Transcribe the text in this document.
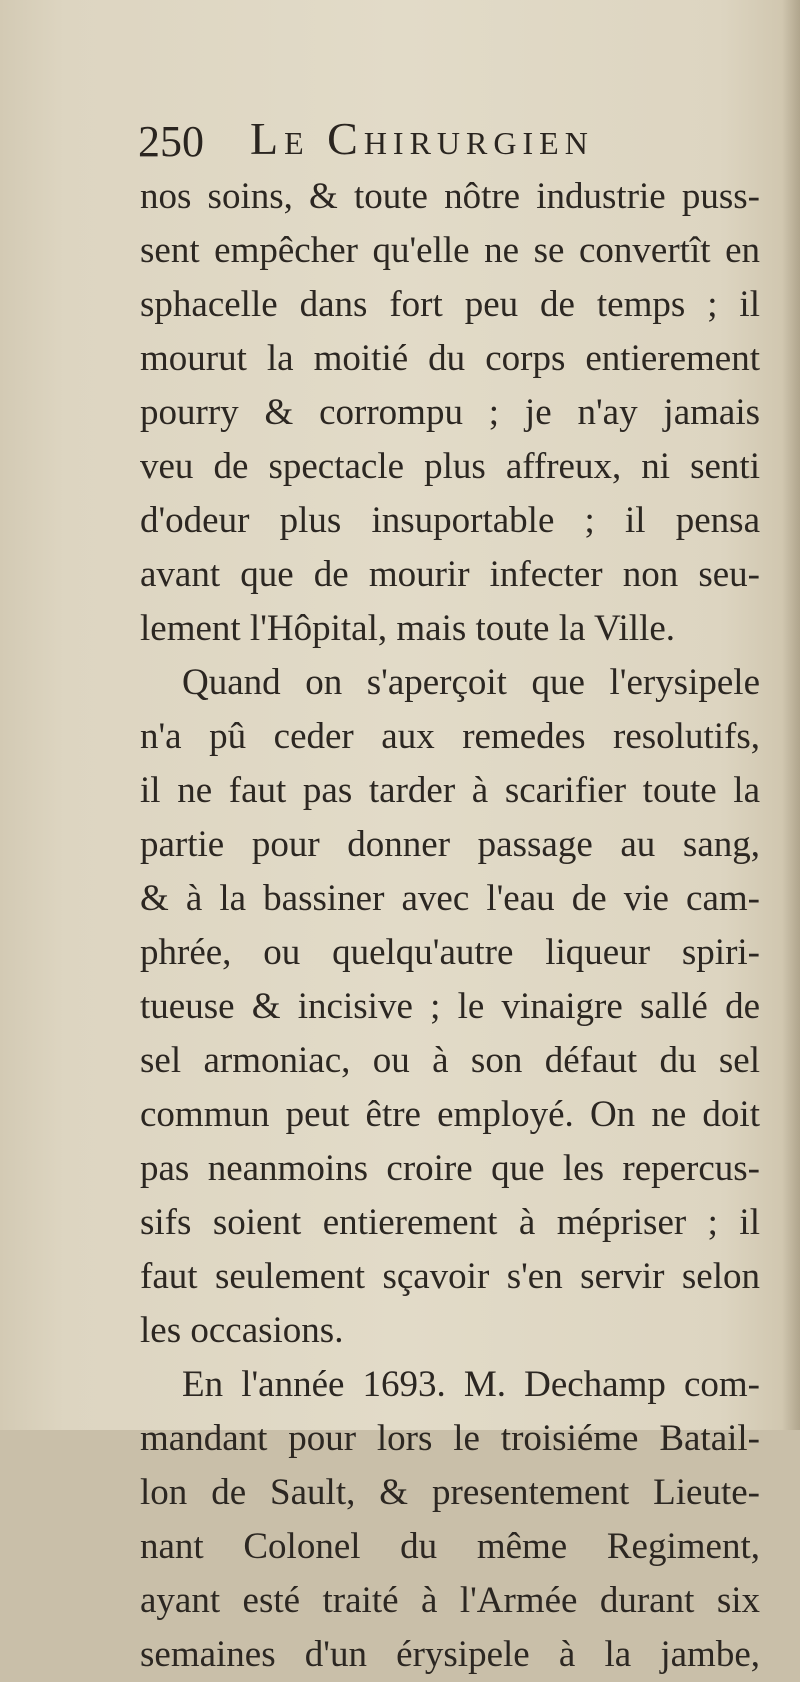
250 Le Chirurgien
nos soins, & toute nôtre industrie puss-
sent empêcher qu'elle ne se convertît en
sphacelle dans fort peu de temps ; il
mourut la moitié du corps entierement
pourry & corrompu ; je n'ay jamais
veu de spectacle plus affreux, ni senti
d'odeur plus insuportable ; il pensa
avant que de mourir infecter non seu-
lement l'Hôpital, mais toute la Ville.
Quand on s'aperçoit que l'erysipele
n'a pû ceder aux remedes resolutifs,
il ne faut pas tarder à scarifier toute la
partie pour donner passage au sang,
& à la bassiner avec l'eau de vie cam-
phrée, ou quelqu'autre liqueur spiri-
tueuse & incisive ; le vinaigre sallé de
sel armoniac, ou à son défaut du sel
commun peut être employé. On ne doit
pas neanmoins croire que les repercus-
sifs soient entierement à mépriser ; il
faut seulement sçavoir s'en servir selon
les occasions.
En l'année 1693. M. Dechamp com-
mandant pour lors le troisiéme Batail-
lon de Sault, & presentement Lieute-
nant Colonel du même Regiment,
ayant esté traité à l'Armée durant six
semaines d'un érysipele à la jambe,
